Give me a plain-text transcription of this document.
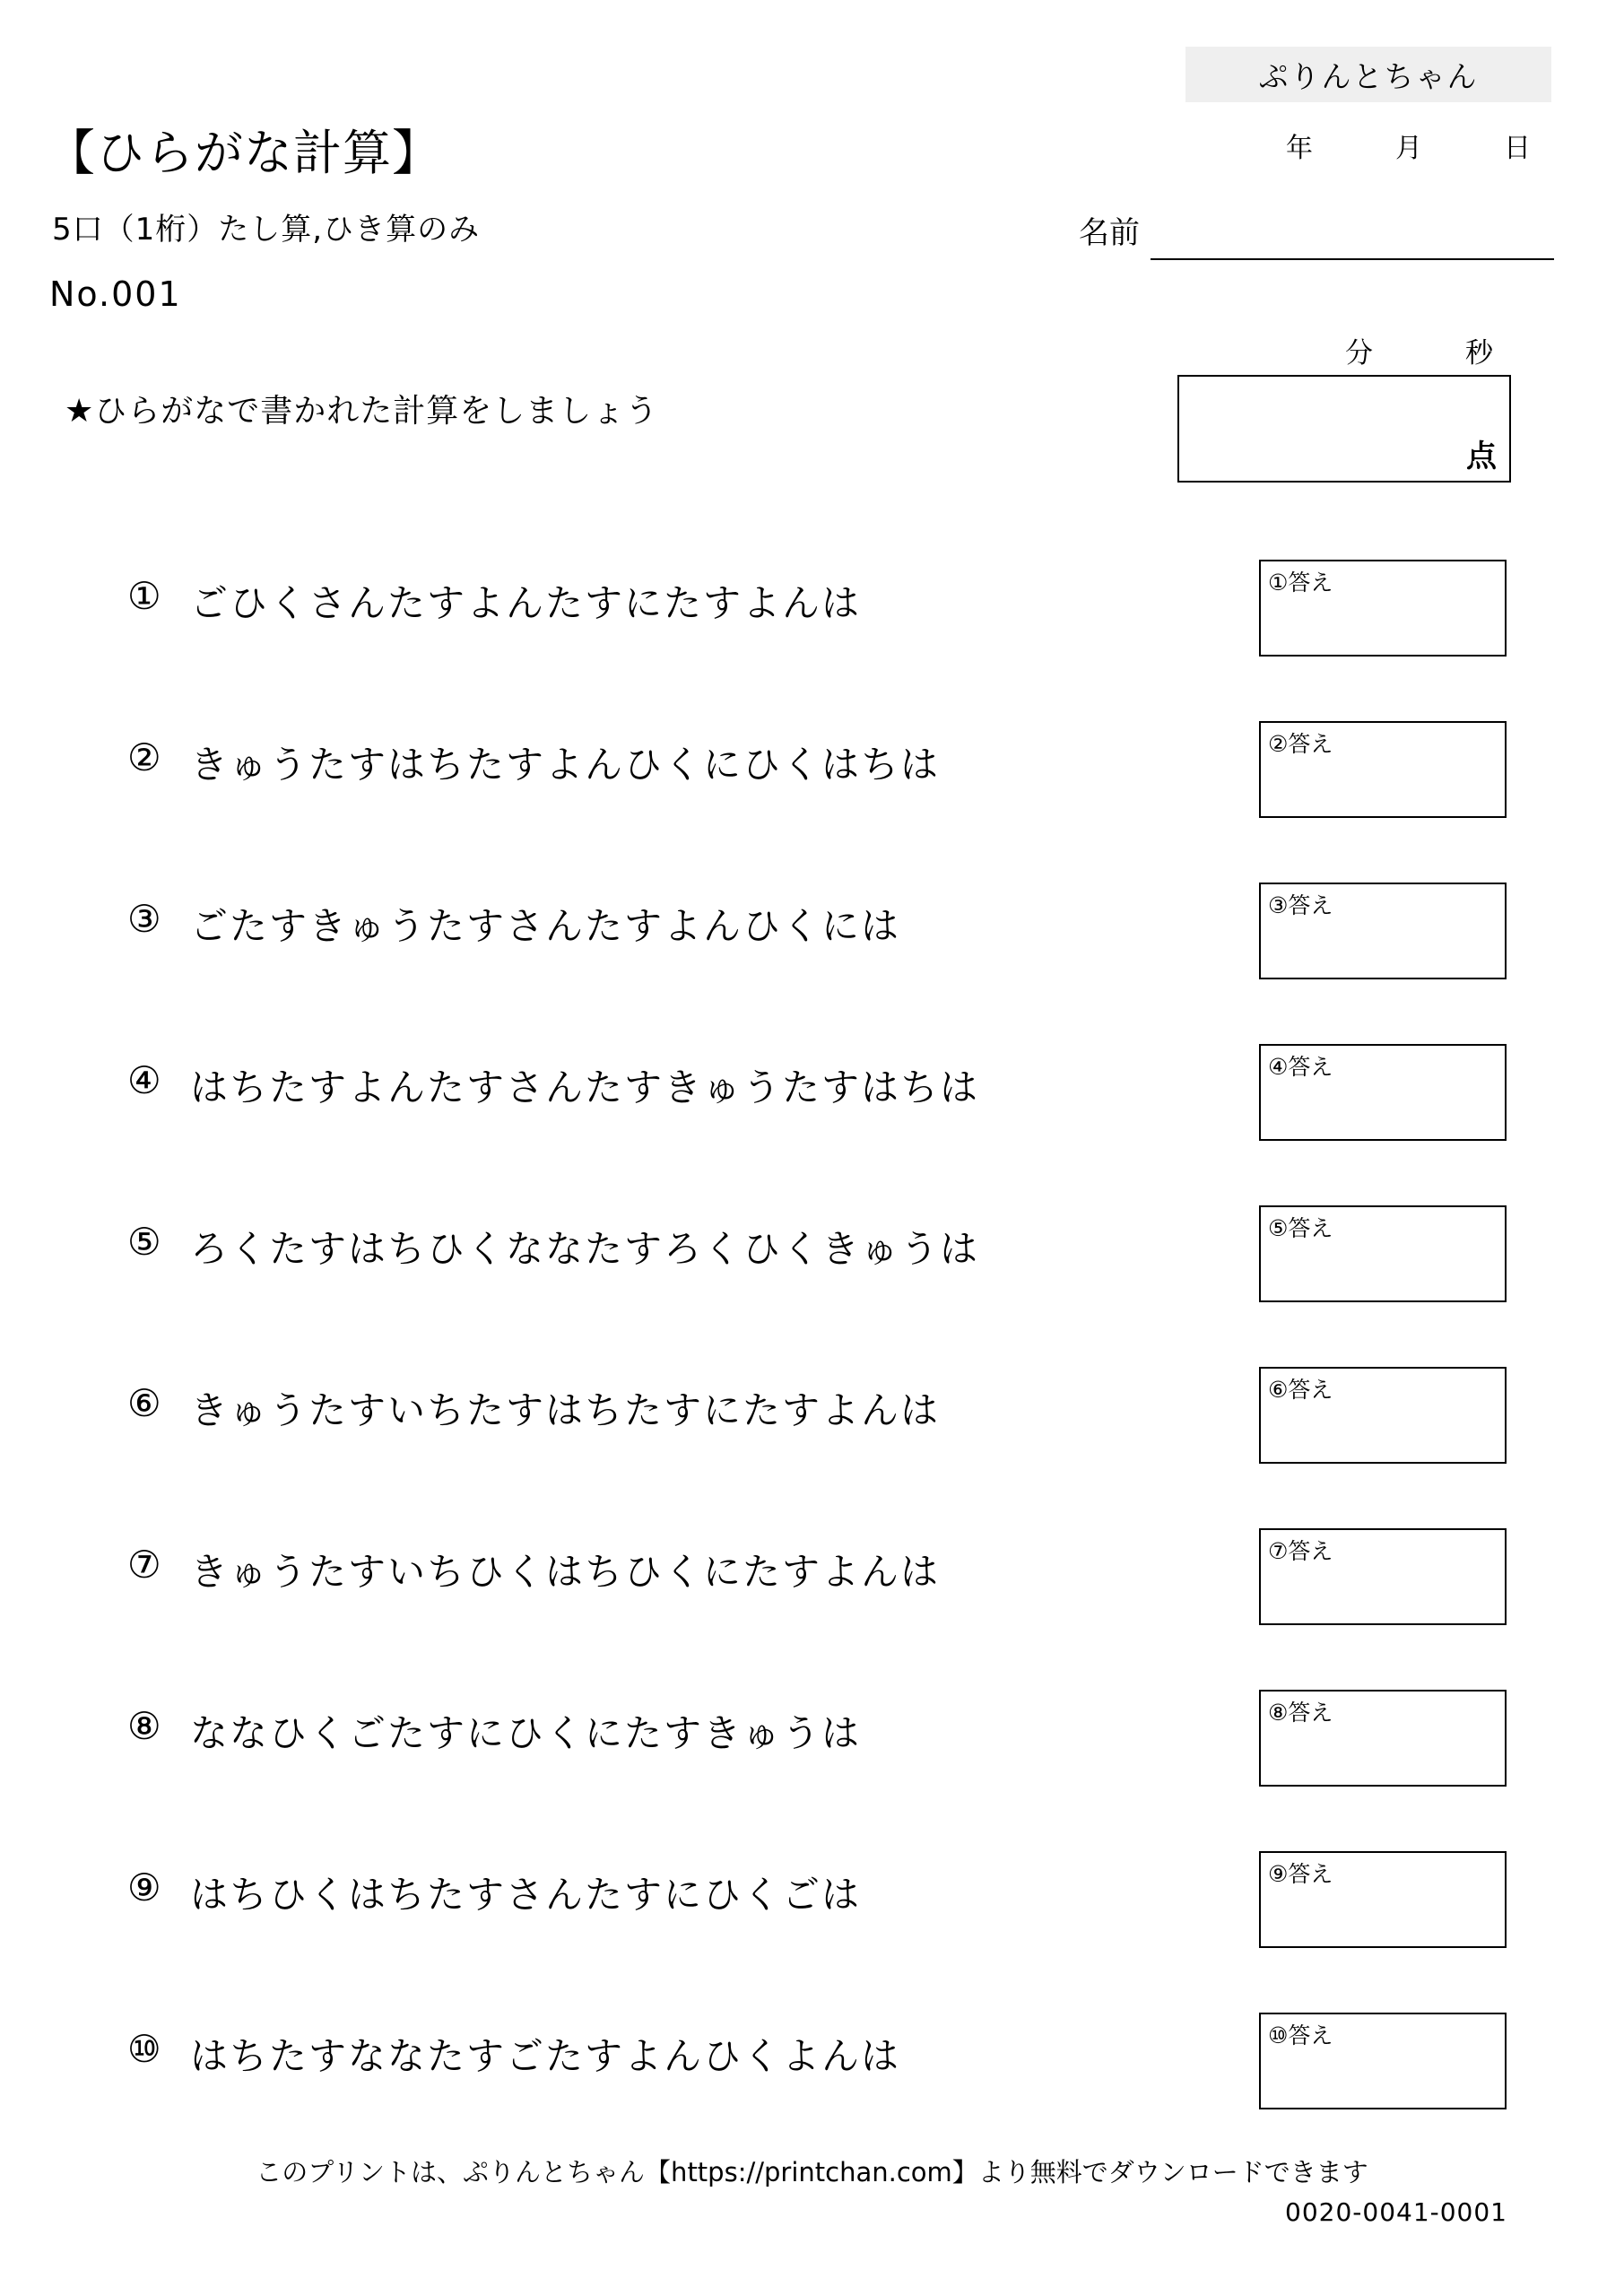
ぷりんとちゃん
年	月	日
【ひらがな計算】
5口（1桁）たし算,ひき算のみ
No.001
名前
分	秒
点
★ひらがなで書かれた計算をしましょう
① ごひくさんたすよんたすにたすよんは	①答え
② きゅうたすはちたすよんひくにひくはちは	②答え
③ ごたすきゅうたすさんたすよんひくには	③答え
④ はちたすよんたすさんたすきゅうたすはちは	④答え
⑤ ろくたすはちひくななたすろくひくきゅうは	⑤答え
⑥ きゅうたすいちたすはちたすにたすよんは	⑥答え
⑦ きゅうたすいちひくはちひくにたすよんは	⑦答え
⑧ ななひくごたすにひくにたすきゅうは	⑧答え
⑨ はちひくはちたすさんたすにひくごは	⑨答え
⑩ はちたすななたすごたすよんひくよんは	⑩答え
このプリントは、ぷりんとちゃん【https://printchan.com】より無料でダウンロードできます
0020-0041-0001
